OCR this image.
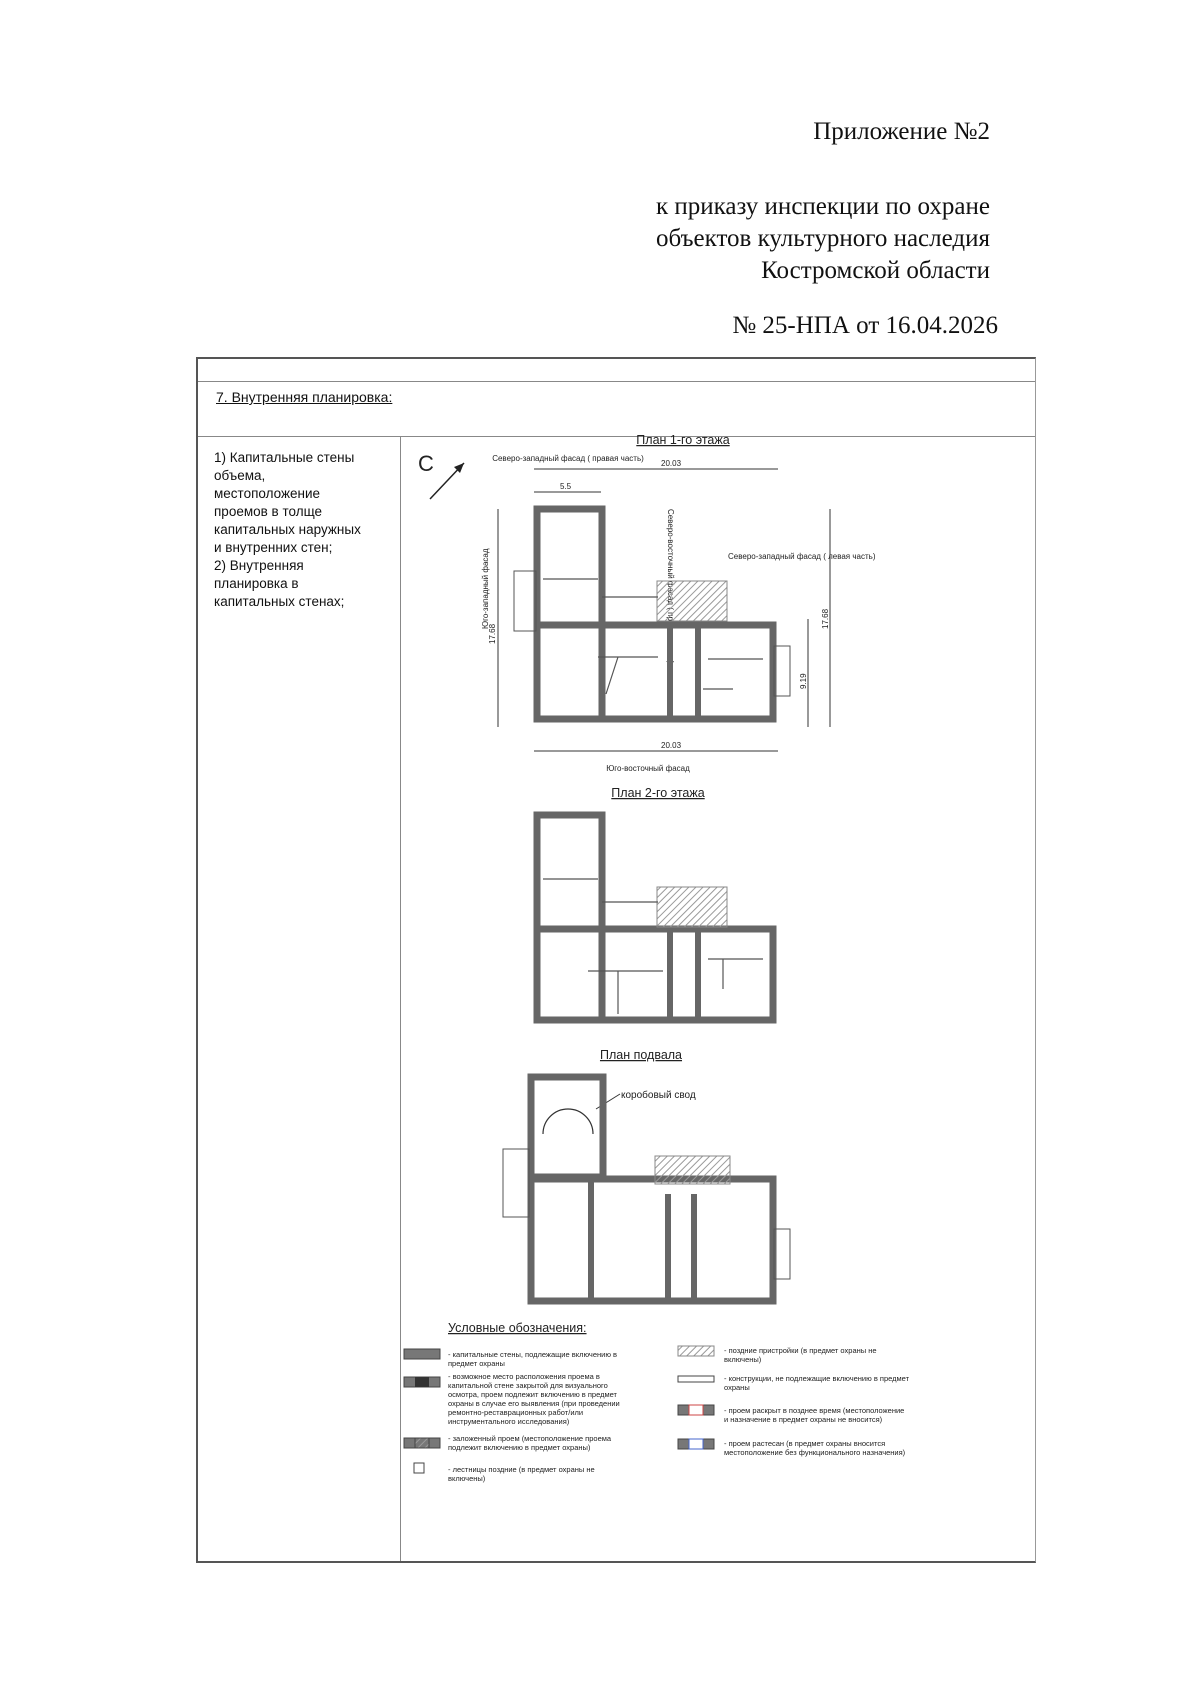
Приложение №2
к приказу инспекции по охране
объектов культурного наследия
Костромской области
№ 25-НПА от 16.04.2026
7. Внутренняя планировка:
1) Капитальные стены
объема,
местоположение
проемов в толще
капитальных наружных
и внутренних стен;
2) Внутренняя
планировка в
капитальных стенах;
С
План 1-го этажа
Северо-западный фасад ( правая часть)
Северо-западный фасад ( левая часть)
Юго-западный фасад
Юго-восточный фасад
20.03
5.5
20.03
17.68
17.68
9.19
План 2-го этажа
План подвала
коробовый свод
Условные обозначения:
- капитальные стены, подлежащие включению в предмет охраны
- возможное место расположения проема в капитальной стене закрытой для визуального осмотра, проем подлежит включению в предмет охраны в случае его выявления (при проведении ремонтно-реставрационных работ/или инструментального исследования)
- заложенный проем (местоположение проема подлежит включению в предмет охраны)
- лестницы поздние (в предмет охраны не включены)
- поздние пристройки (в предмет охраны не включены)
- конструкции, не подлежащие включению в предмет охраны
- проем раскрыт в позднее время (местоположение и назначение в предмет охраны не вносится)
- проем растесан (в предмет охраны вносится местоположение без функционального назначения)
